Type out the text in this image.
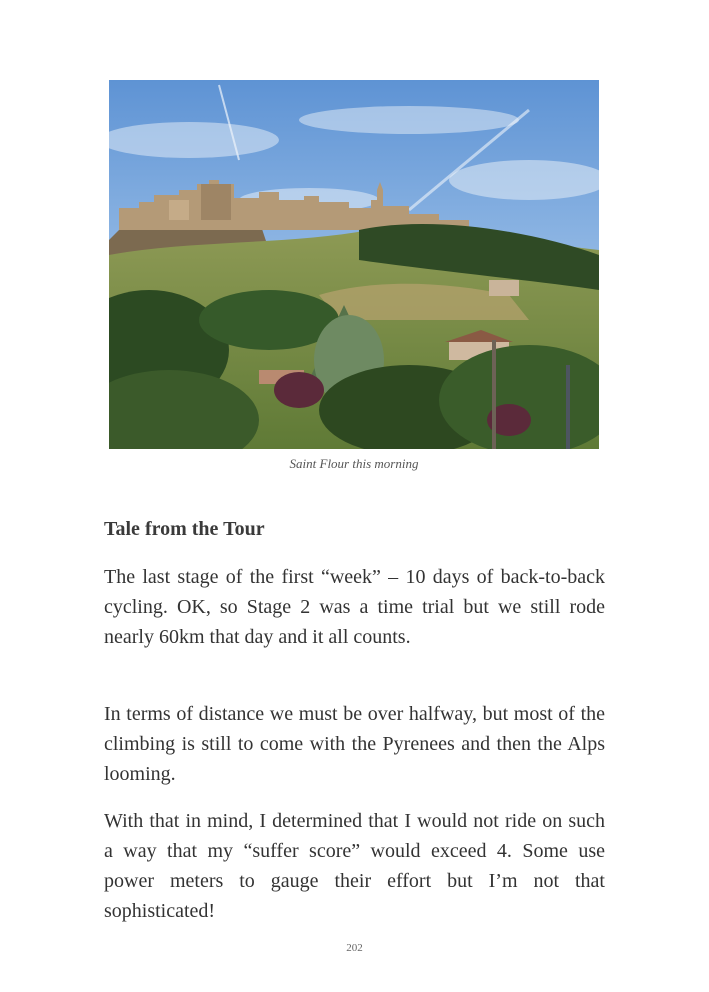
Saint Flour this morning
Tale from the Tour

The last stage of the first “week” – 10 days of back-to-back cycling. OK, so Stage 2 was a time trial but we still rode nearly 60km that day and it all counts.

In terms of distance we must be over halfway, but most of the climbing is still to come with the Pyrenees and then the Alps looming.

With that in mind, I determined that I would not ride on such a way that my “suffer score” would exceed 4. Some use power meters to gauge their effort but I’m not that sophisticated!

202
